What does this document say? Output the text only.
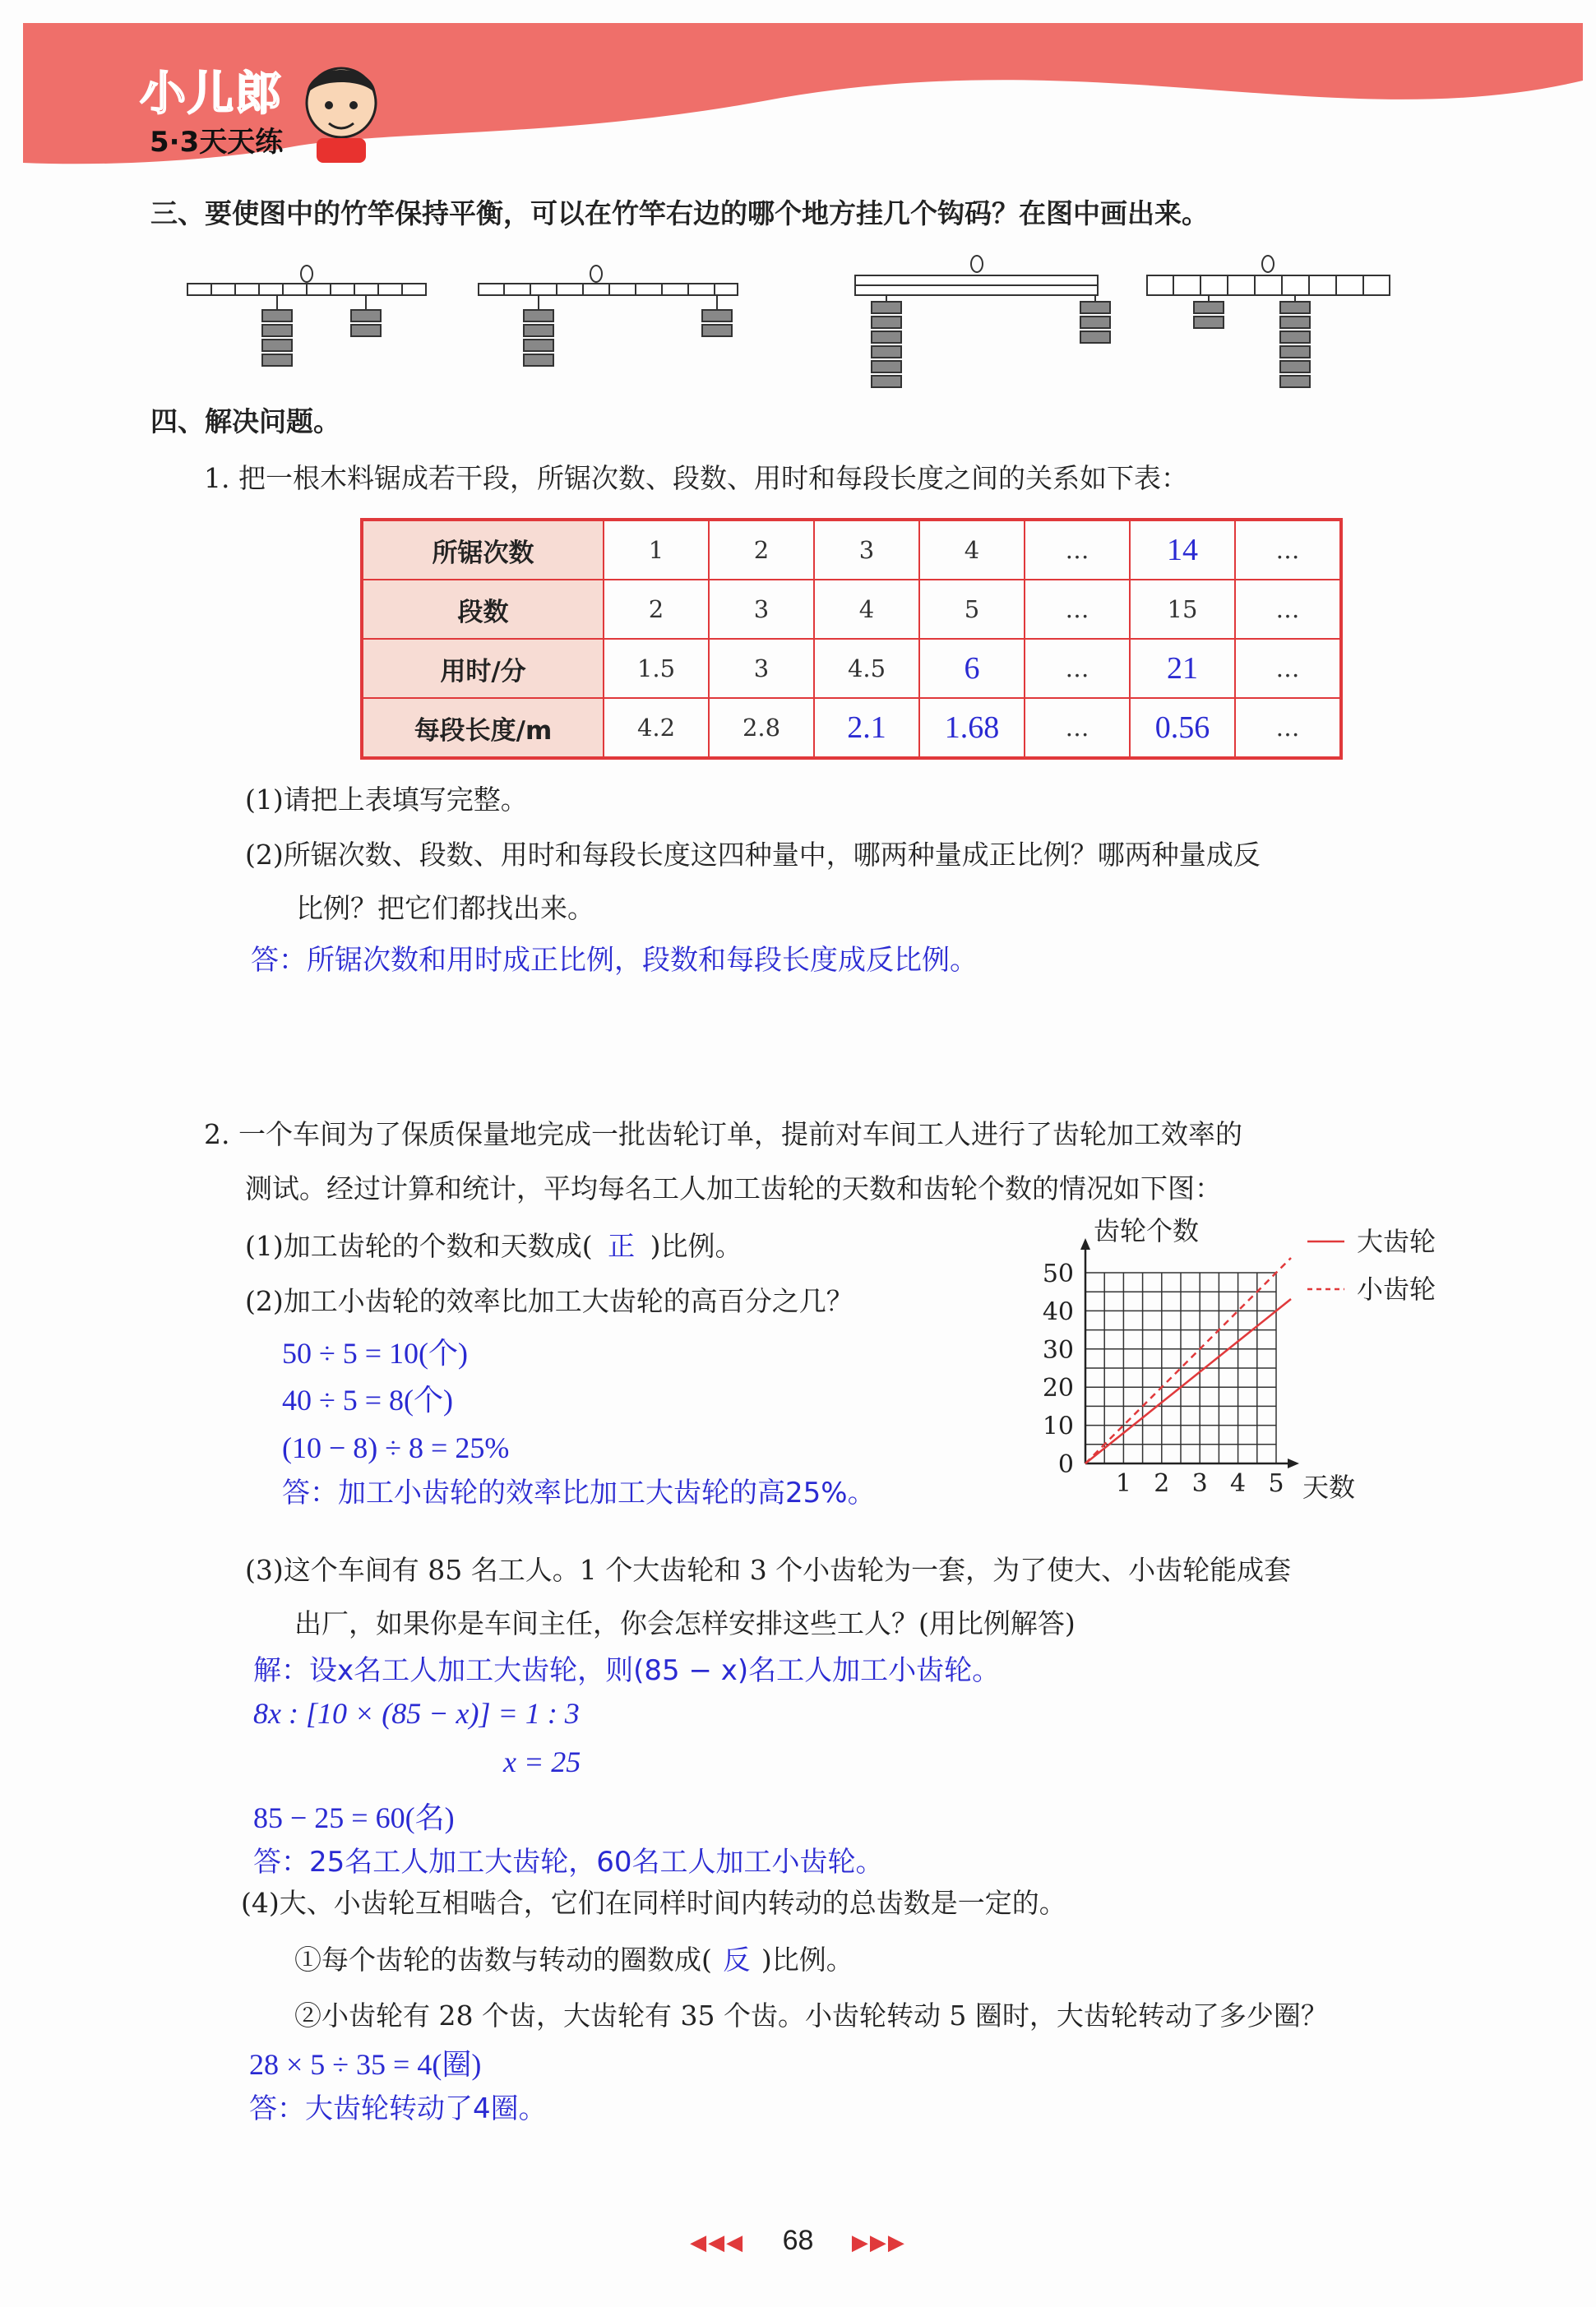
小儿郎
5·3天天练
三、要使图中的竹竿保持平衡，可以在竹竿右边的哪个地方挂几个钩码？在图中画出来。
四、解决问题。
1. 把一根木料锯成若干段，所锯次数、段数、用时和每段长度之间的关系如下表：
所锯次数	1	2	3	4	…	14	…
段数	2	3	4	5	…	15	…
用时/分	1.5	3	4.5	6	…	21	…
每段长度/m	4.2	2.8	2.1	1.68	…	0.56	…
(1)请把上表填写完整。
(2)所锯次数、段数、用时和每段长度这四种量中，哪两种量成正比例？哪两种量成反
比例？把它们都找出来。
答：所锯次数和用时成正比例，段数和每段长度成反比例。
2. 一个车间为了保质保量地完成一批齿轮订单，提前对车间工人进行了齿轮加工效率的
测试。经过计算和统计，平均每名工人加工齿轮的天数和齿轮个数的情况如下图：
(1)加工齿轮的个数和天数成( 正 )比例。
(2)加工小齿轮的效率比加工大齿轮的高百分之几？
50 ÷ 5 = 10(个)
40 ÷ 5 = 8(个)
(10 − 8) ÷ 8 = 25%
答：加工小齿轮的效率比加工大齿轮的高25%。
0
10
20
30
40
50
1 2 3 4 5
齿轮个数
天数
大齿轮
小齿轮
(3)这个车间有 85 名工人。1 个大齿轮和 3 个小齿轮为一套，为了使大、小齿轮能成套
出厂，如果你是车间主任，你会怎样安排这些工人？(用比例解答)
解：设x名工人加工大齿轮，则(85 − x)名工人加工小齿轮。
8x : [10 × (85 − x)] = 1 : 3
x = 25
85 − 25 = 60(名)
答：25名工人加工大齿轮，60名工人加工小齿轮。
(4)大、小齿轮互相啮合，它们在同样时间内转动的总齿数是一定的。
①每个齿轮的齿数与转动的圈数成( 反 )比例。
②小齿轮有 28 个齿，大齿轮有 35 个齿。小齿轮转动 5 圈时，大齿轮转动了多少圈？
28 × 5 ÷ 35 = 4(圈)
答：大齿轮转动了4圈。
◀◀◀ 68 ▶▶▶
